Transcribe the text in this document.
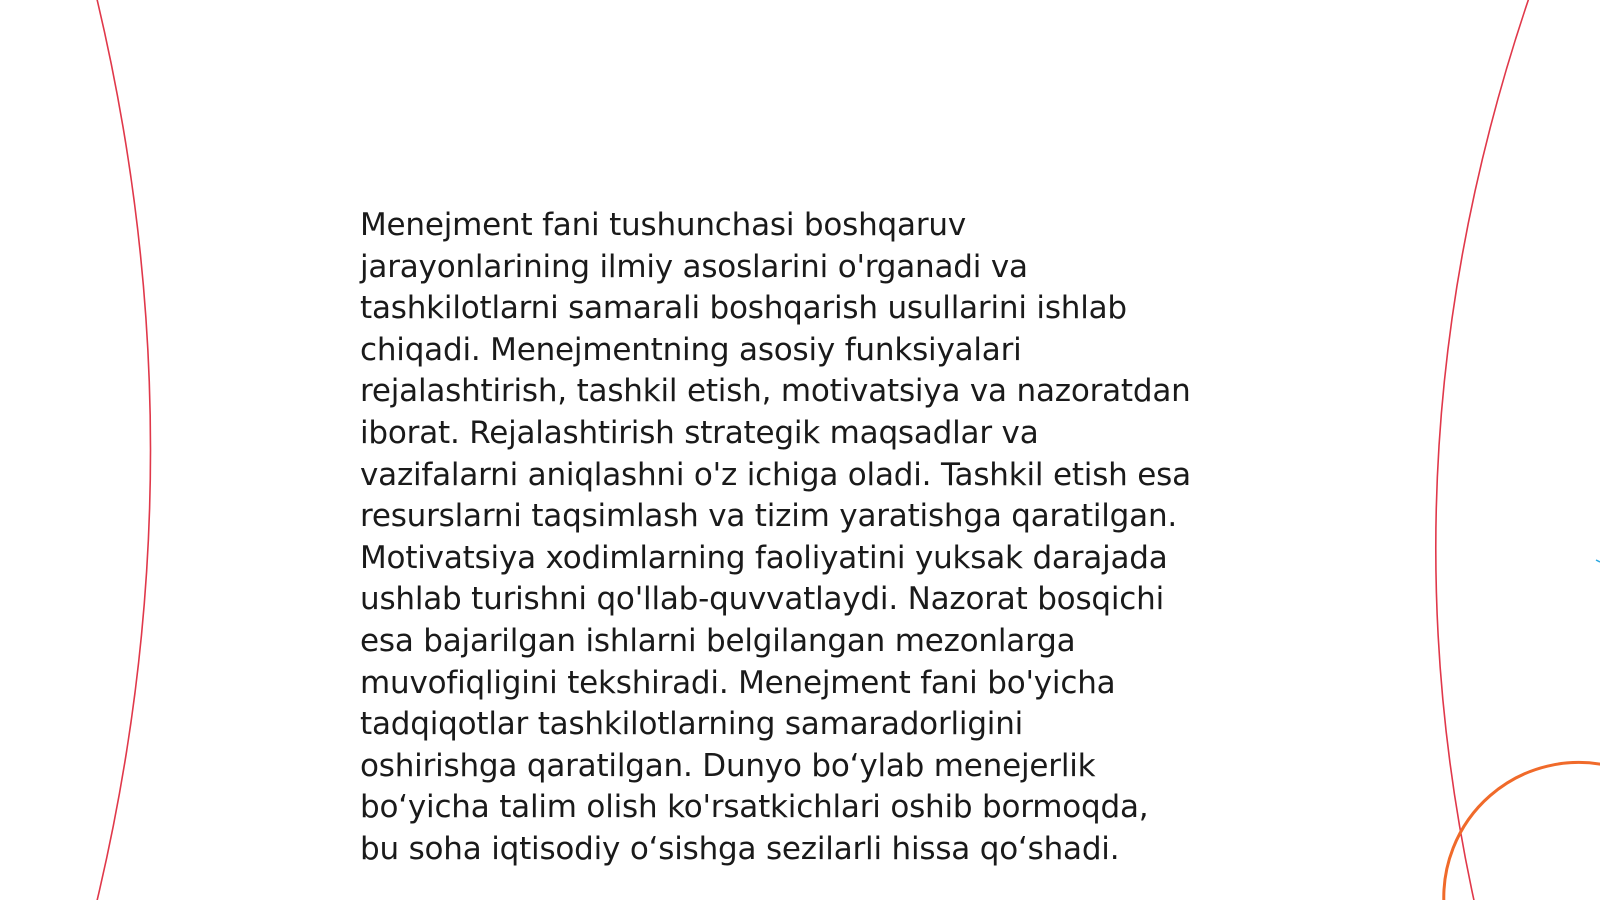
Menejment fani tushunchasi boshqaruv
jarayonlarining ilmiy asoslarini o'rganadi va
tashkilotlarni samarali boshqarish usullarini ishlab
chiqadi. Menejmentning asosiy funksiyalari
rejalashtirish, tashkil etish, motivatsiya va nazoratdan
iborat. Rejalashtirish strategik maqsadlar va
vazifalarni aniqlashni o'z ichiga oladi. Tashkil etish esa
resurslarni taqsimlash va tizim yaratishga qaratilgan.
Motivatsiya xodimlarning faoliyatini yuksak darajada
ushlab turishni qo'llab-quvvatlaydi. Nazorat bosqichi
esa bajarilgan ishlarni belgilangan mezonlarga
muvofiqligini tekshiradi. Menejment fani bo'yicha
tadqiqotlar tashkilotlarning samaradorligini
oshirishga qaratilgan. Dunyo bo‘ylab menejerlik
bo‘yicha talim olish ko'rsatkichlari oshib bormoqda,
bu soha iqtisodiy o‘sishga sezilarli hissa qo‘shadi.
